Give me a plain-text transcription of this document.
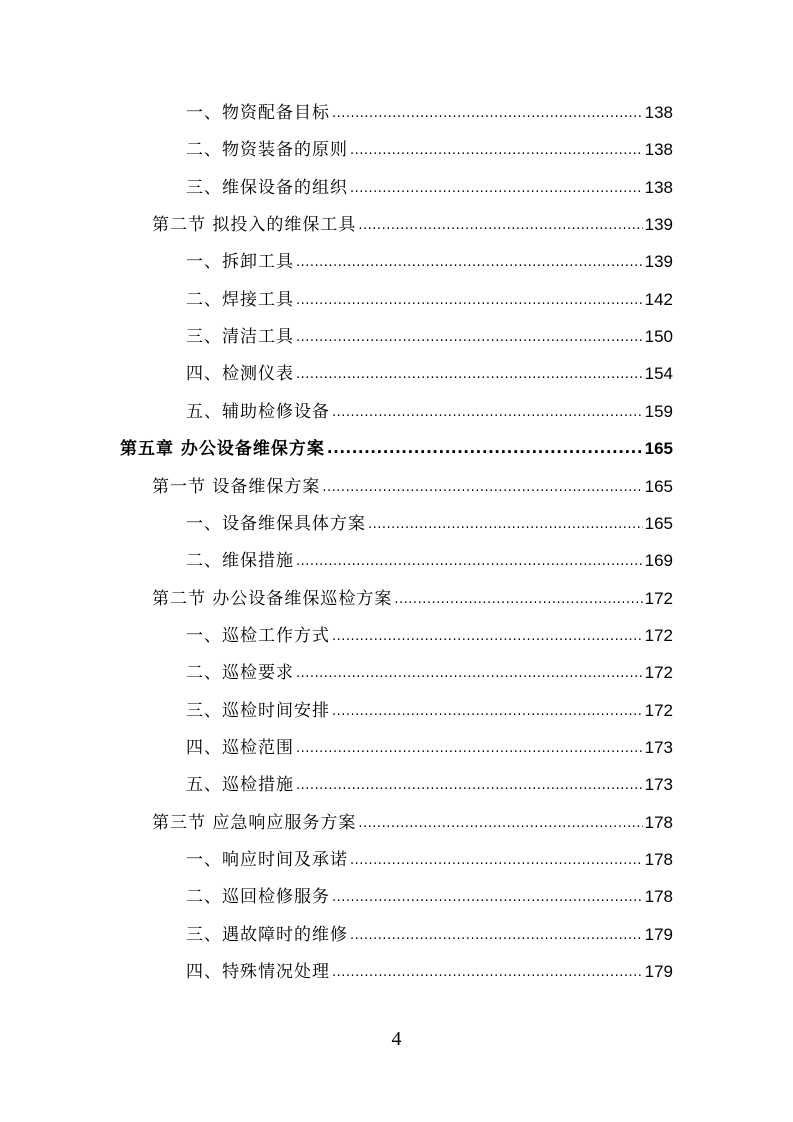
一、物资配备目标 .....	138
二、物资装备的原则 .....	138
三、维保设备的组织 .....	138
第二节 拟投入的维保工具 .....	139
一、拆卸工具 .....	139
二、焊接工具 .....	142
三、清洁工具 .....	150
四、检测仪表 .....	154
五、辅助检修设备 .....	159
第五章 办公设备维保方案 .....	165
第一节 设备维保方案 .....	165
一、设备维保具体方案 .....	165
二、维保措施 .....	169
第二节 办公设备维保巡检方案 .....	172
一、巡检工作方式 .....	172
二、巡检要求 .....	172
三、巡检时间安排 .....	172
四、巡检范围 .....	173
五、巡检措施 .....	173
第三节 应急响应服务方案 .....	178
一、响应时间及承诺 .....	178
二、巡回检修服务 .....	178
三、遇故障时的维修 .....	179
四、特殊情况处理 .....	179
4
